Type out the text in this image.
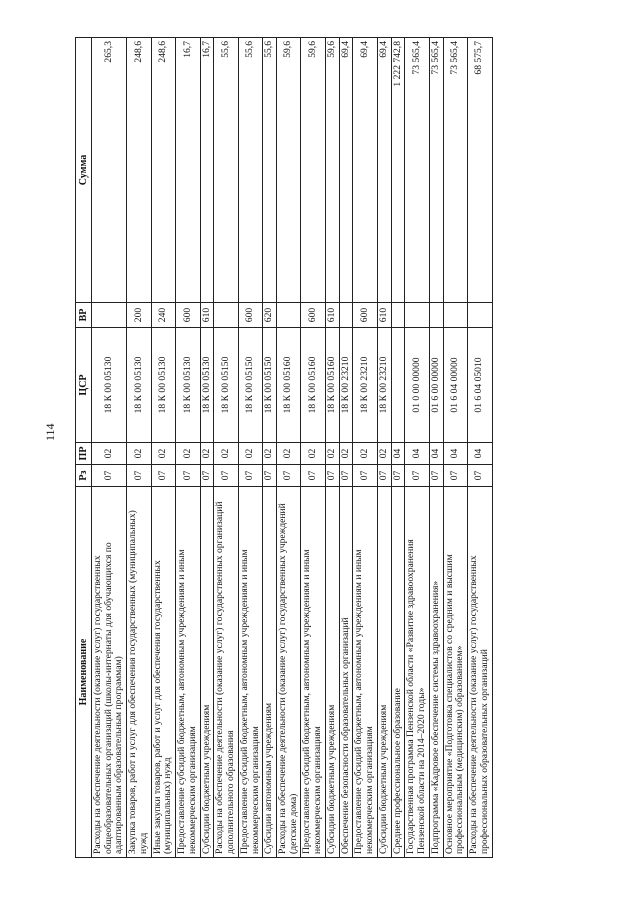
114
Наименование	Рз	ПР	ЦСР	ВР	Сумма
Расходы на обеспечение деятельности (оказание услуг) государственных общеобразовательных организаций (школы-интернаты для обучающихся по адаптированным образовательным программам)	07	02	18 К 00 05130		265,3
Закупка товаров, работ и услуг для обеспечения государственных (муниципальных) нужд	07	02	18 К 00 05130	200	248,6
Иные закупки товаров, работ и услуг для обеспечения государственных (муниципальных) нужд	07	02	18 К 00 05130	240	248,6
Предоставление субсидий бюджетным, автономным учреждениям и иным некоммерческим организациям	07	02	18 К 00 05130	600	16,7
Субсидии бюджетным учреждениям	07	02	18 К 00 05130	610	16,7
Расходы на обеспечение деятельности (оказание услуг) государственных организаций дополнительного образования	07	02	18 К 00 05150		55,6
Предоставление субсидий бюджетным, автономным учреждениям и иным некоммерческим организациям	07	02	18 К 00 05150	600	55,6
Субсидии автономным учреждениям	07	02	18 К 00 05150	620	55,6
Расходы на обеспечение деятельности (оказание услуг) государственных учреждений (детские дома)	07	02	18 К 00 05160		59,6
Предоставление субсидий бюджетным, автономным учреждениям и иным некоммерческим организациям	07	02	18 К 00 05160	600	59,6
Субсидии бюджетным учреждениям	07	02	18 К 00 05160	610	59,6
Обеспечение безопасности образовательных организаций	07	02	18 К 00 23210		69,4
Предоставление субсидий бюджетным, автономным учреждениям и иным некоммерческим организациям	07	02	18 К 00 23210	600	69,4
Субсидии бюджетным учреждениям	07	02	18 К 00 23210	610	69,4
Среднее профессиональное образование	07	04			1 222 742,8
Государственная программа Пензенской области «Развитие здравоохранения Пензенской области на 2014–2020 годы»	07	04	01 0 00 00000		73 565,4
Подпрограмма «Кадровое обеспечение системы здравоохранения»	07	04	01 6 00 00000		73 565,4
Основное мероприятие «Подготовка специалистов со средним и высшим профессиональным (медицинским) образованием»	07	04	01 6 04 00000		73 565,4
Расходы на обеспечение деятельности (оказание услуг) государственных профессиональных образовательных организаций	07	04	01 6 04 05010		68 575,7
